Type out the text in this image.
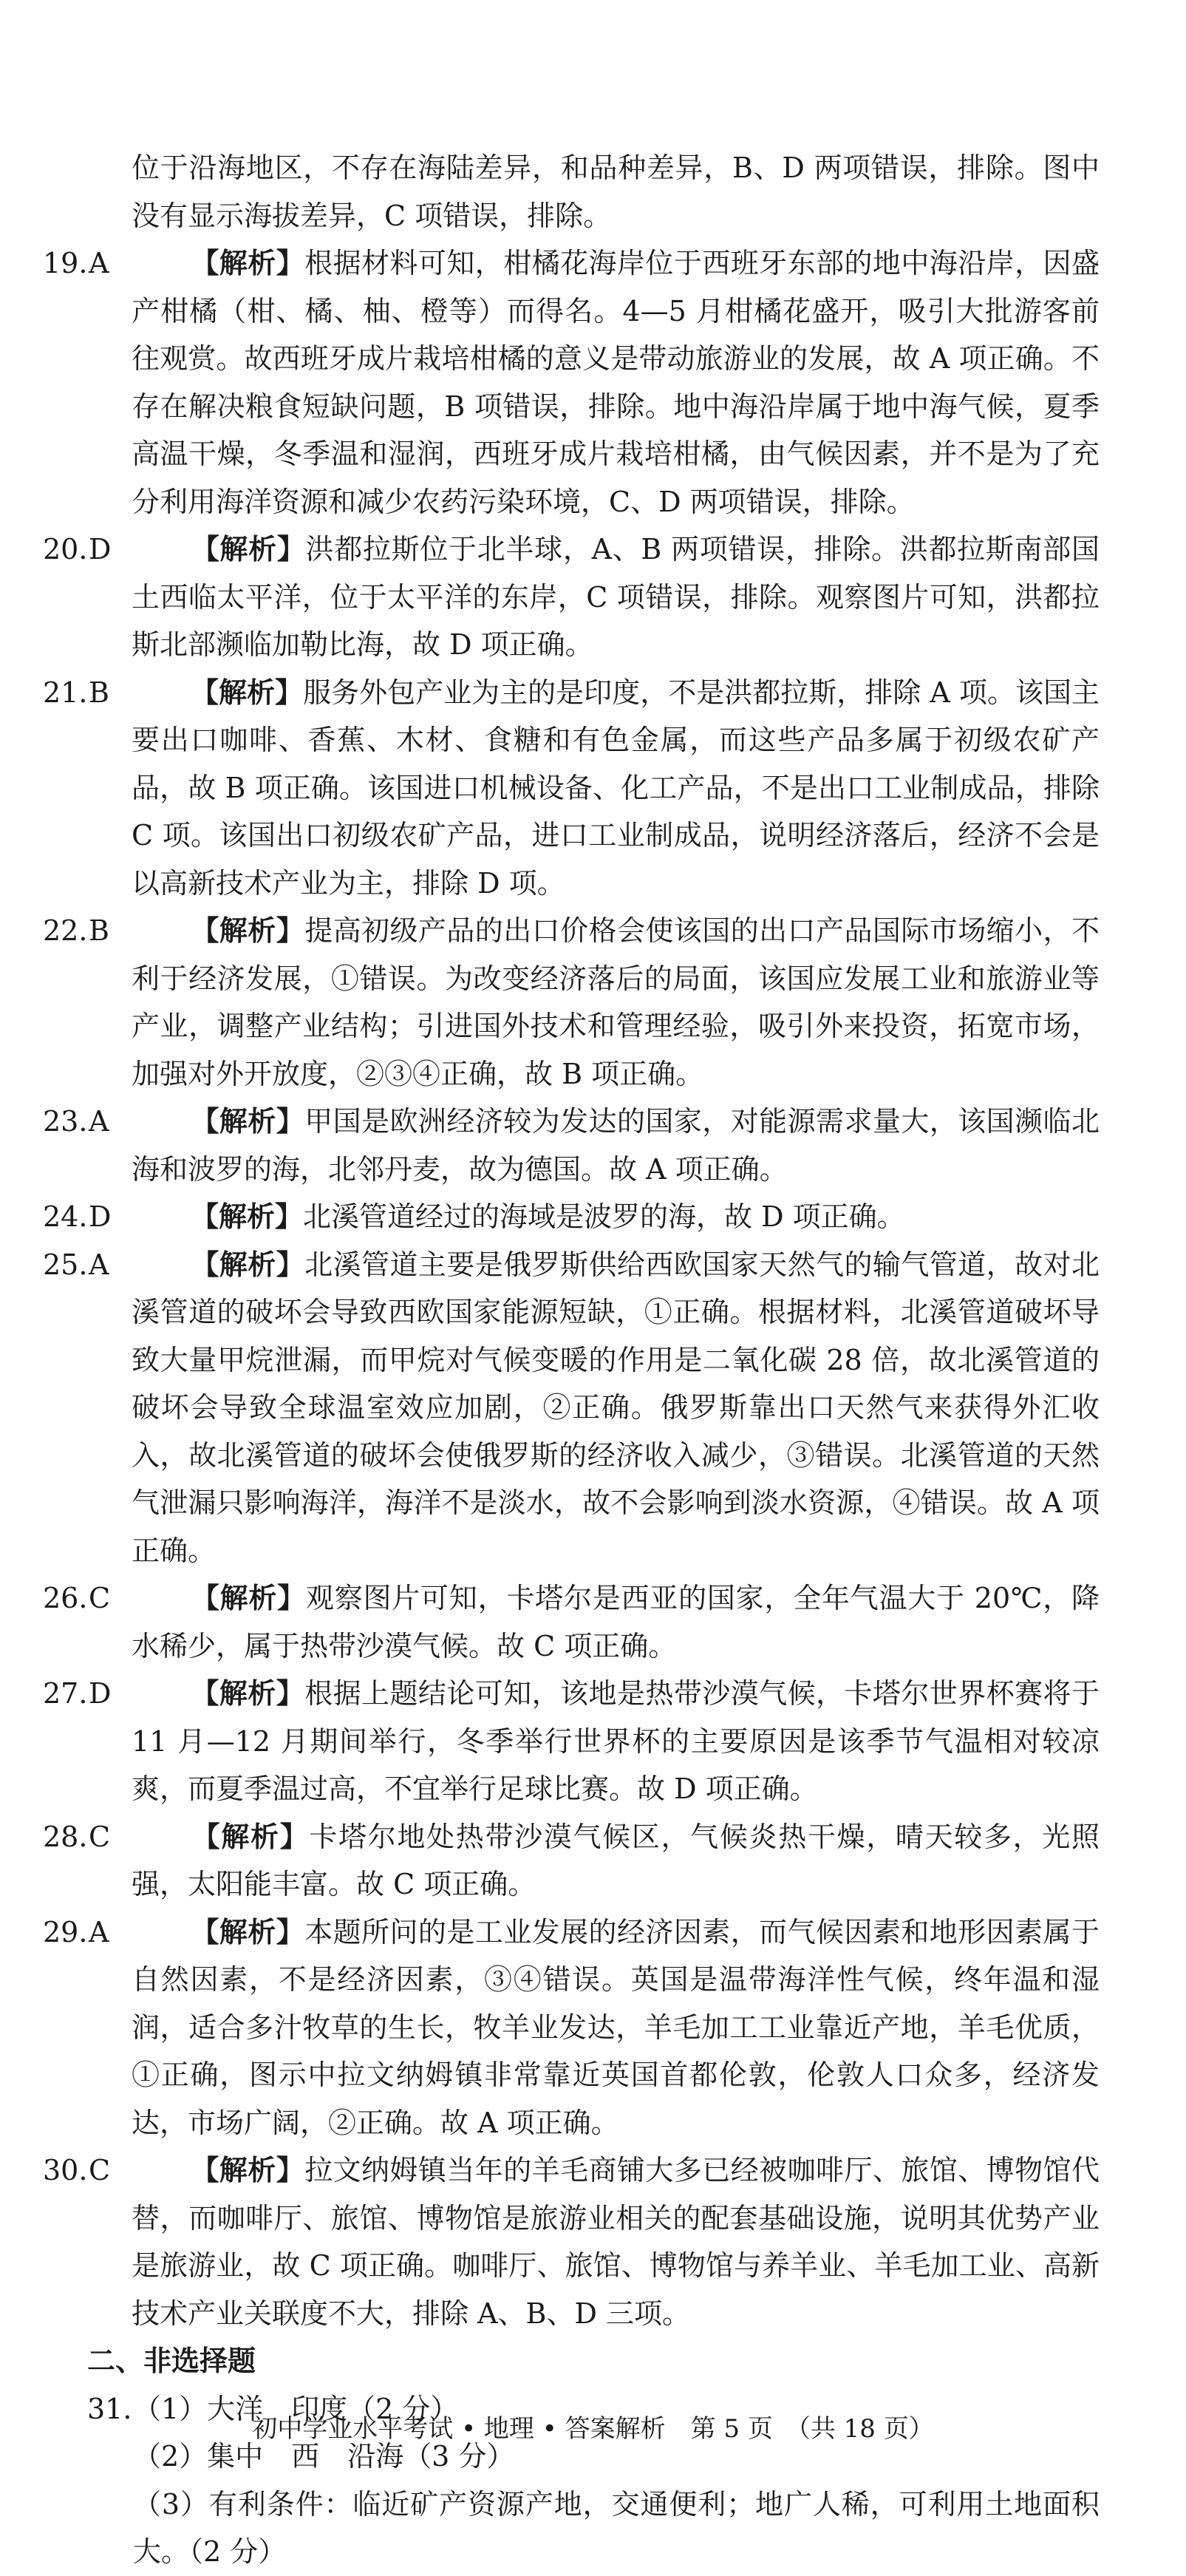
位于沿海地区，不存在海陆差异，和品种差异，B、D 两项错误，排除。图中没有显示海拔差异，C 项错误，排除。

19.A	【解析】根据材料可知，柑橘花海岸位于西班牙东部的地中海沿岸，因盛产柑橘（柑、橘、柚、橙等）而得名。4—5 月柑橘花盛开，吸引大批游客前往观赏。故西班牙成片栽培柑橘的意义是带动旅游业的发展，故 A 项正确。不存在解决粮食短缺问题，B 项错误，排除。地中海沿岸属于地中海气候，夏季高温干燥，冬季温和湿润，西班牙成片栽培柑橘，由气候因素，并不是为了充分利用海洋资源和减少农药污染环境，C、D 两项错误，排除。

20.D	【解析】洪都拉斯位于北半球，A、B 两项错误，排除。洪都拉斯南部国土西临太平洋，位于太平洋的东岸，C 项错误，排除。观察图片可知，洪都拉斯北部濒临加勒比海，故 D 项正确。

21.B	【解析】服务外包产业为主的是印度，不是洪都拉斯，排除 A 项。该国主要出口咖啡、香蕉、木材、食糖和有色金属，而这些产品多属于初级农矿产品，故 B 项正确。该国进口机械设备、化工产品，不是出口工业制成品，排除 C 项。该国出口初级农矿产品，进口工业制成品，说明经济落后，经济不会是以高新技术产业为主，排除 D 项。

22.B	【解析】提高初级产品的出口价格会使该国的出口产品国际市场缩小，不利于经济发展，①错误。为改变经济落后的局面，该国应发展工业和旅游业等产业，调整产业结构；引进国外技术和管理经验，吸引外来投资，拓宽市场，加强对外开放度，②③④正确，故 B 项正确。

23.A	【解析】甲国是欧洲经济较为发达的国家，对能源需求量大，该国濒临北海和波罗的海，北邻丹麦，故为德国。故 A 项正确。

24.D	【解析】北溪管道经过的海域是波罗的海，故 D 项正确。

25.A	【解析】北溪管道主要是俄罗斯供给西欧国家天然气的输气管道，故对北溪管道的破坏会导致西欧国家能源短缺，①正确。根据材料，北溪管道破坏导致大量甲烷泄漏，而甲烷对气候变暖的作用是二氧化碳 28 倍，故北溪管道的破坏会导致全球温室效应加剧，②正确。俄罗斯靠出口天然气来获得外汇收入，故北溪管道的破坏会使俄罗斯的经济收入减少，③错误。北溪管道的天然气泄漏只影响海洋，海洋不是淡水，故不会影响到淡水资源，④错误。故 A 项正确。

26.C	【解析】观察图片可知，卡塔尔是西亚的国家，全年气温大于 20℃，降水稀少，属于热带沙漠气候。故 C 项正确。

27.D	【解析】根据上题结论可知，该地是热带沙漠气候，卡塔尔世界杯赛将于 11 月—12 月期间举行，冬季举行世界杯的主要原因是该季节气温相对较凉爽，而夏季温过高，不宜举行足球比赛。故 D 项正确。

28.C	【解析】卡塔尔地处热带沙漠气候区，气候炎热干燥，晴天较多，光照强，太阳能丰富。故 C 项正确。

29.A	【解析】本题所问的是工业发展的经济因素，而气候因素和地形因素属于自然因素，不是经济因素，③④错误。英国是温带海洋性气候，终年温和湿润，适合多汁牧草的生长，牧羊业发达，羊毛加工工业靠近产地，羊毛优质，①正确，图示中拉文纳姆镇非常靠近英国首都伦敦，伦敦人口众多，经济发达，市场广阔，②正确。故 A 项正确。

30.C	【解析】拉文纳姆镇当年的羊毛商铺大多已经被咖啡厅、旅馆、博物馆代替，而咖啡厅、旅馆、博物馆是旅游业相关的配套基础设施，说明其优势产业是旅游业，故 C 项正确。咖啡厅、旅馆、博物馆与养羊业、羊毛加工业、高新技术产业关联度不大，排除 A、B、D 三项。

二、非选择题

31.（1）大洋　印度（2 分）

（2）集中　西　沿海（3 分）

（3）有利条件：临近矿产资源产地，交通便利；地广人稀，可利用土地面积大。（2 分）

初中学业水平考试 • 地理 • 答案解析　第 5 页　（共 18 页）
